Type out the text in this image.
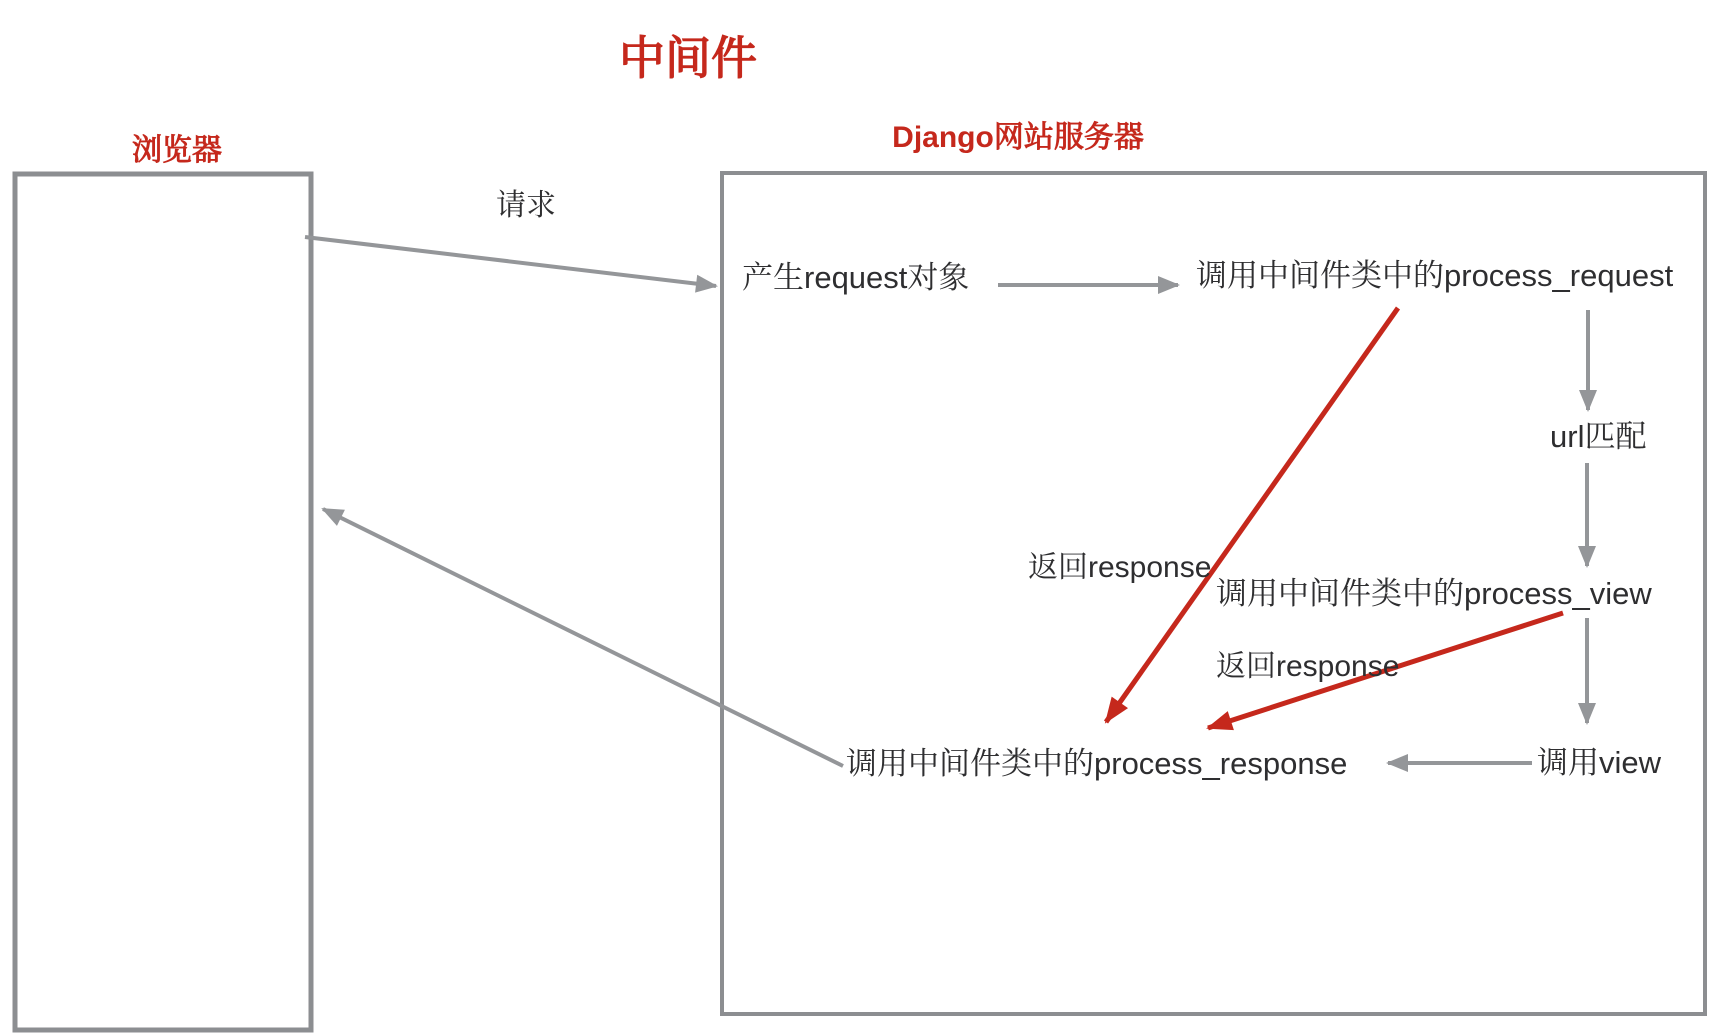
中间件
浏览器	Django网站服务器
请求
产生request对象	调用中间件类中的process_request
url匹配
返回response
调用中间件类中的process_view
返回response
调用view
调用中间件类中的process_response
